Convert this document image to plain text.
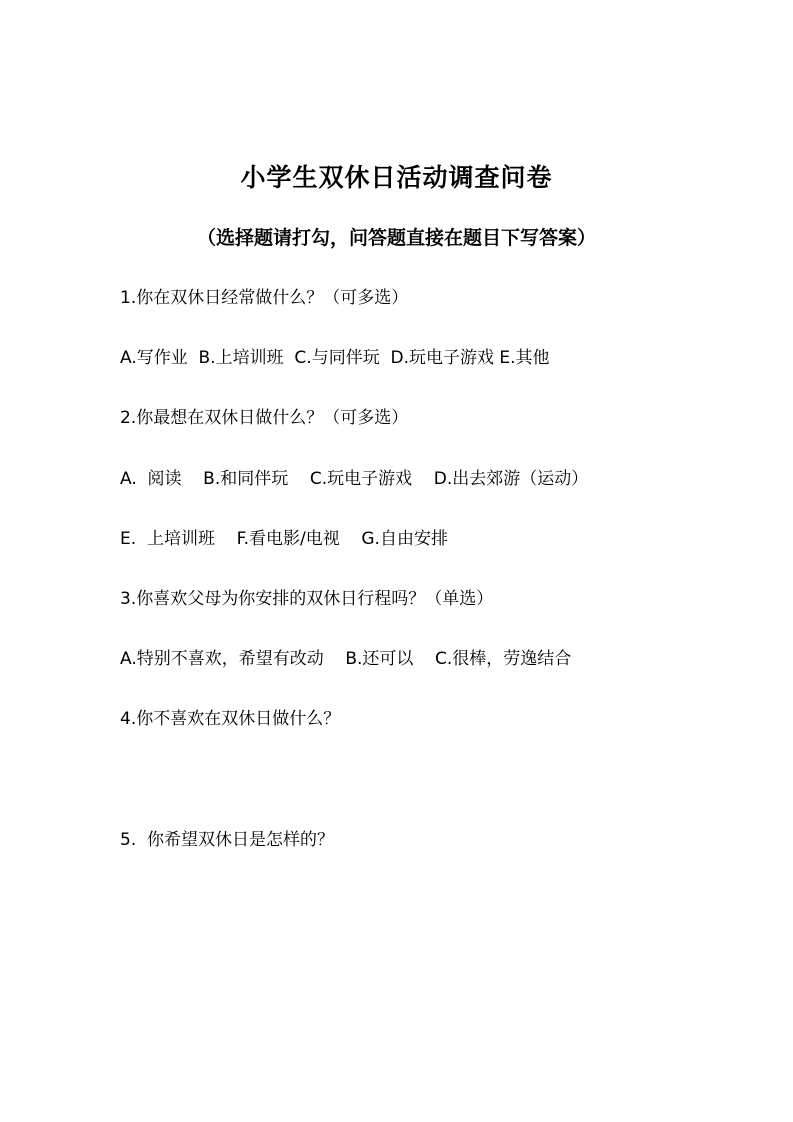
小学生双休日活动调查问卷
（选择题请打勾，问答题直接在题目下写答案）
1.你在双休日经常做什么？（可多选）
A.写作业  B.上培训班  C.与同伴玩  D.玩电子游戏 E.其他
2.你最想在双休日做什么？（可多选）
A.  阅读    B.和同伴玩    C.玩电子游戏    D.出去郊游（运动）
E.  上培训班    F.看电影/电视    G.自由安排
3.你喜欢父母为你安排的双休日行程吗？（单选）
A.特别不喜欢，希望有改动    B.还可以    C.很棒，劳逸结合
4.你不喜欢在双休日做什么？
5.  你希望双休日是怎样的？
